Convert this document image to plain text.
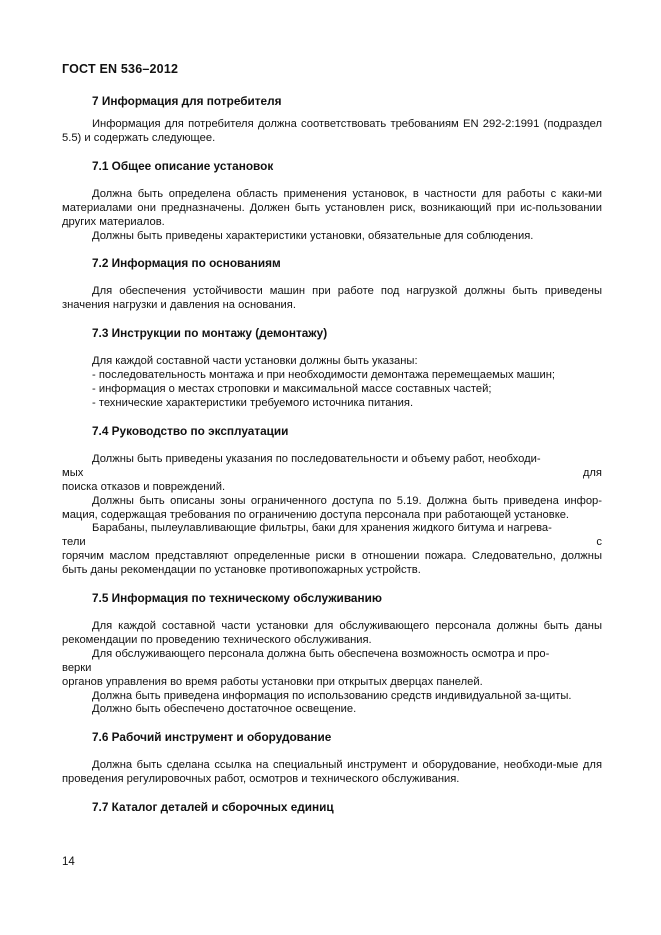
ГОСТ EN 536–2012
7 Информация для потребителя

Информация для потребителя должна соответствовать требованиям EN 292-2:1991 (подраздел 5.5) и содержать следующее.

7.1 Общее описание установок

Должна быть определена область применения установок, в частности для работы с каки-ми материалами они предназначены. Должен быть установлен риск, возникающий при ис-пользовании других материалов.

Должны быть приведены характеристики установки, обязательные для соблюдения.

7.2 Информация по основаниям

Для обеспечения устойчивости машин при работе под нагрузкой должны быть приведены значения нагрузки и давления на основания.

7.3 Инструкции по монтажу (демонтажу)

Для каждой составной части установки должны быть указаны:

- последовательность монтажа и при необходимости демонтажа перемещаемых машин;
- информация о местах строповки и максимальной массе составных частей;
- технические характеристики требуемого источника питания.
7.4 Руководство по эксплуатации

Должны быть приведены указания по последовательности и объему работ, необходи-

мых	для

поиска отказов и повреждений.

Должны быть описаны зоны ограниченного доступа по 5.19. Должна быть приведена инфор-мация, содержащая требования по ограничению доступа персонала при работающей установке.

Барабаны, пылеулавливающие фильтры, баки для хранения жидкого битума и нагрева-

тели	с

горячим маслом представляют определенные риски в отношении пожара. Следовательно, должны быть даны рекомендации по установке противопожарных устройств.

7.5 Информация по техническому обслуживанию

Для каждой составной части установки для обслуживающего персонала должны быть даны рекомендации по проведению технического обслуживания.

Для обслуживающего персонала должна быть обеспечена возможность осмотра и про-

верки

органов управления во время работы установки при открытых дверцах панелей.

Должна быть приведена информация по использованию средств индивидуальной за-щиты.

Должно быть обеспечено достаточное освещение.

7.6 Рабочий инструмент и оборудование

Должна быть сделана ссылка на специальный инструмент и оборудование, необходи-мые для проведения регулировочных работ, осмотров и технического обслуживания.

7.7 Каталог деталей и сборочных единиц
14
